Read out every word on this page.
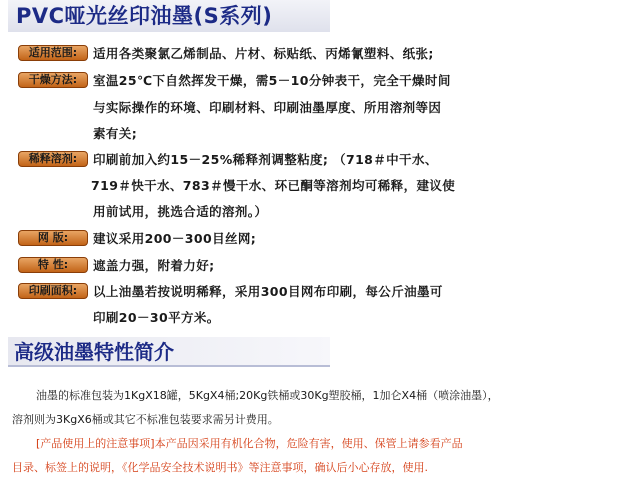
PVC哑光丝印油墨(S系列)
适用范围:	适用各类聚氯乙烯制品、片材、标贴纸、丙烯氰塑料、纸张;
干燥方法:	室温25℃下自然挥发干燥，需5－10分钟表干，完全干燥时间
与实际操作的环境、印刷材料、印刷油墨厚度、所用溶剂等因
素有关;
稀释溶剂:	印刷前加入约15－25%稀释剂调整粘度; （718＃中干水、
719＃快干水、783＃慢干水、环已酮等溶剂均可稀释，建议使
用前试用，挑选合适的溶剂。）
网 版:	建议采用200－300目丝网;
特 性:	遮盖力强，附着力好;
印刷面积:	以上油墨若按说明稀释，采用300目网布印刷，每公斤油墨可
印刷20－30平方米。
高级油墨特性简介
油墨的标准包装为1KgX18罐，5KgX4桶;20Kg铁桶或30Kg塑胶桶，1加仑X4桶（喷涂油墨），
溶剂则为3KgX6桶或其它不标准包装要求需另计费用。
[产品使用上的注意事项]本产品因采用有机化合物，危险有害，使用、保管上请参看产品
目录、标签上的说明，《化学品安全技术说明书》等注意事项，确认后小心存放，使用.
